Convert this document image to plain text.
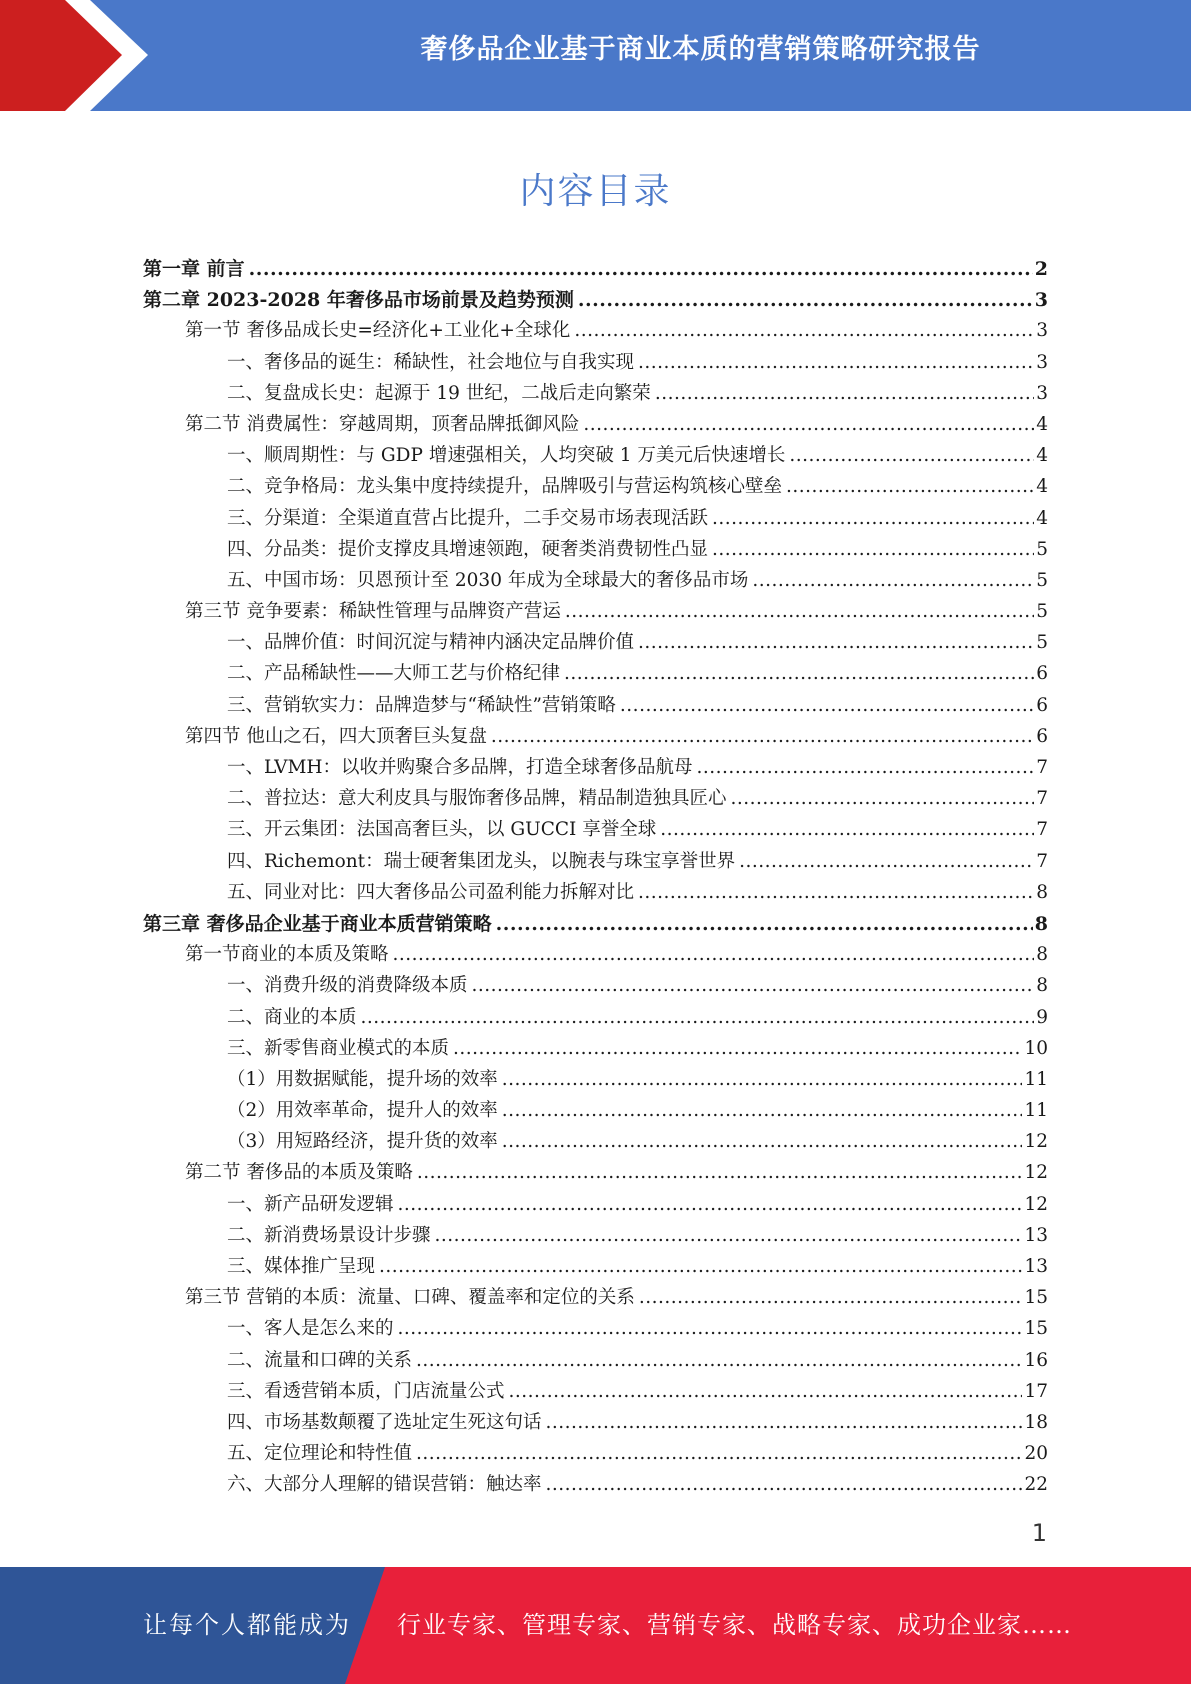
奢侈品企业基于商业本质的营销策略研究报告
内容目录
第一章 前言 .....	2
第二章 2023-2028 年奢侈品市场前景及趋势预测 .....	3
第一节 奢侈品成长史=经济化+工业化+全球化 .....	3
一、奢侈品的诞生：稀缺性，社会地位与自我实现 .....	3
二、复盘成长史：起源于 19 世纪，二战后走向繁荣 .....	3
第二节 消费属性：穿越周期，顶奢品牌抵御风险 .....	4
一、顺周期性：与 GDP 增速强相关，人均突破 1 万美元后快速增长 .....	4
二、竞争格局：龙头集中度持续提升，品牌吸引与营运构筑核心壁垒 .....	4
三、分渠道：全渠道直营占比提升，二手交易市场表现活跃 .....	4
四、分品类：提价支撑皮具增速领跑，硬奢类消费韧性凸显 .....	5
五、中国市场：贝恩预计至 2030 年成为全球最大的奢侈品市场 .....	5
第三节 竞争要素：稀缺性管理与品牌资产营运 .....	5
一、品牌价值：时间沉淀与精神内涵决定品牌价值 .....	5
二、产品稀缺性——大师工艺与价格纪律 .....	6
三、营销软实力：品牌造梦与“稀缺性”营销策略 .....	6
第四节 他山之石，四大顶奢巨头复盘 .....	6
一、LVMH：以收并购聚合多品牌，打造全球奢侈品航母 .....	7
二、普拉达：意大利皮具与服饰奢侈品牌，精品制造独具匠心 .....	7
三、开云集团：法国高奢巨头，以 GUCCI 享誉全球 .....	7
四、Richemont：瑞士硬奢集团龙头，以腕表与珠宝享誉世界 .....	7
五、同业对比：四大奢侈品公司盈利能力拆解对比 .....	8
第三章 奢侈品企业基于商业本质营销策略 .....	8
第一节商业的本质及策略 .....	8
一、消费升级的消费降级本质 .....	8
二、商业的本质 .....	9
三、新零售商业模式的本质 .....	10
（1）用数据赋能，提升场的效率 .....	11
（2）用效率革命，提升人的效率 .....	11
（3）用短路经济，提升货的效率 .....	12
第二节 奢侈品的本质及策略 .....	12
一、新产品研发逻辑 .....	12
二、新消费场景设计步骤 .....	13
三、媒体推广呈现 .....	13
第三节 营销的本质：流量、口碑、覆盖率和定位的关系 .....	15
一、客人是怎么来的 .....	15
二、流量和口碑的关系 .....	16
三、看透营销本质，门店流量公式 .....	17
四、市场基数颠覆了选址定生死这句话 .....	18
五、定位理论和特性值 .....	20
六、大部分人理解的错误营销：触达率 .....	22
1
让每个人都能成为 行业专家、管理专家、营销专家、战略专家、成功企业家……
